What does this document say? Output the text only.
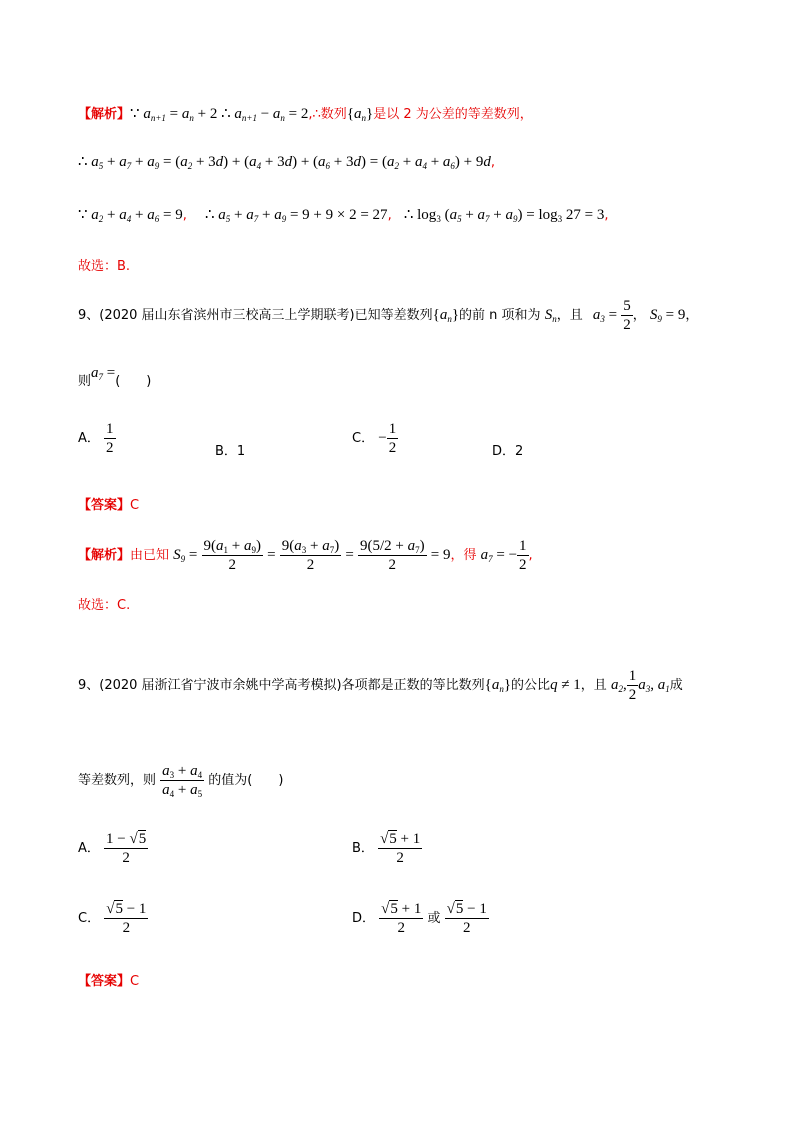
【解析】∵ $a_{n+1} = a_n + 2$ ∴ $a_{n+1} - a_n$ = 2,∴数列$\{a_n\}$是以 2 为公差的等差数列，
∴ $a_5 + a_7 + a_9 = (a_2 + 3d) + (a_4 + 3d) + (a_6 + 3d) = (a_2 + a_4 + a_6) + 9d$,
∵ $a_2 + a_4 + a_6 = 9$, ∴ $a_5 + a_7 + a_9 = 9 + 9 \times 2 = 27$, ∴ $\log_3 (a_5 + a_7 + a_9) = \log_3 27 = 3$,
故选：B.
9、(2020 届山东省滨州市三校高三上学期联考)已知等差数列$\{a_n\}$的前 n 项和为 $S_n$，且 $a_3 = \frac{5}{2}$ ， $S_9 = 9$，
则$a_7$ =(　　)
A． $\frac{1}{2}$	B．1
C． − $\frac{1}{2}$	D．2
【答案】C
【解析】由已知 $S_9 = \frac{9(a_1 + a_9)}{2} = \frac{9(a_3 + a_7)}{2} = \frac{9(5/2 + a_7)}{2} = 9$，得 $a_7$ = − $\frac{1}{2}$ ,
故选：C.
9、(2020 届浙江省宁波市余姚中学高考模拟)各项都是正数的等比数列$\{a_n\}$的公比q ≠ 1，且 $a_2$, $\frac{1}{2} a_3$, $a_1$成
等差数列，则 $\frac{a_3 + a_4}{a_4 + a_5}$ 的值为(　　)
A． $\frac{1 - √5}{2}$	B． $\frac{√5 + 1}{2}$
C． $\frac{√5 - 1}{2}$	D． $\frac{√5 + 1}{2}$ 或 $\frac{√5 - 1}{2}$
【答案】C
